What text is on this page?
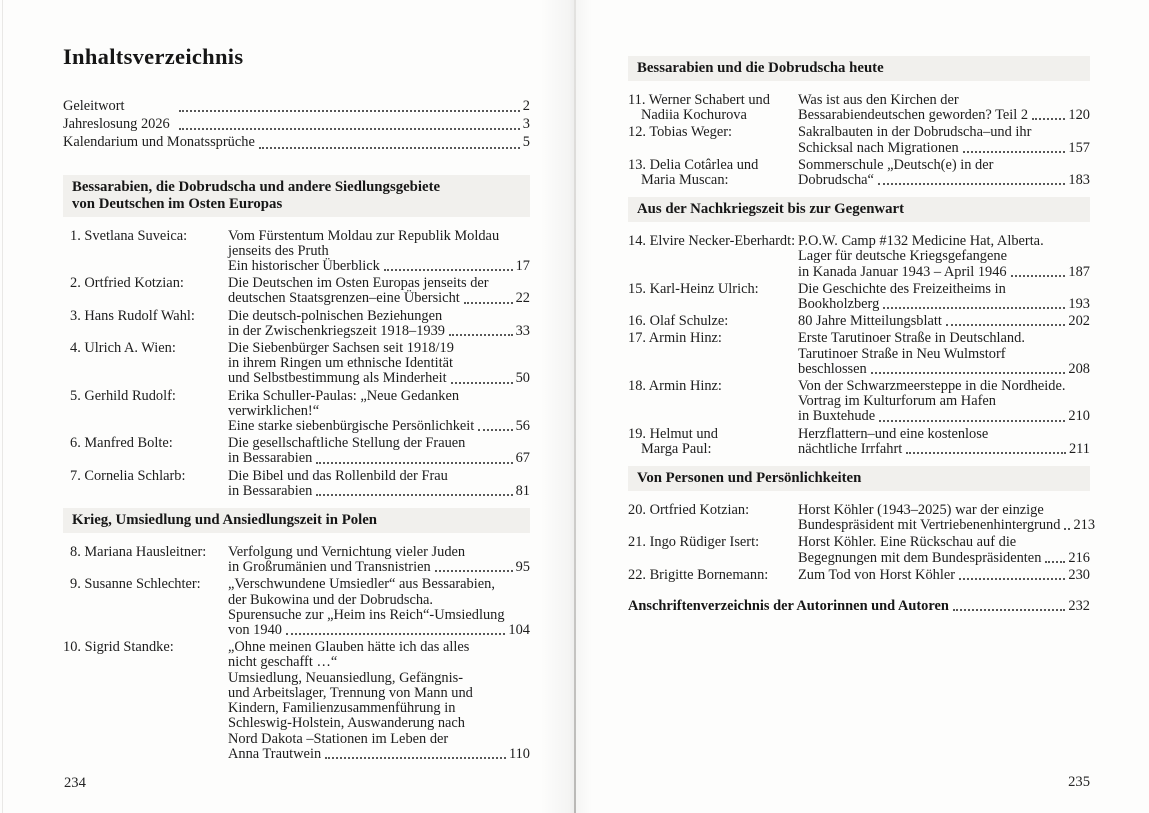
Inhaltsverzeichnis
Geleitwort	2
Jahreslosung 2026	3
Kalendarium und Monatssprüche	5
Bessarabien, die Dobrudscha und andere Siedlungsgebiete
von Deutschen im Osten Europas
1. Svetlana Suveica:	Vom Fürstentum Moldau zur Republik Moldau
jenseits des Pruth
Ein historischer Überblick	17
2. Ortfried Kotzian:	Die Deutschen im Osten Europas jenseits der
deutschen Staatsgrenzen–eine Übersicht	22
3. Hans Rudolf Wahl:	Die deutsch-polnischen Beziehungen
in der Zwischenkriegszeit 1918–1939	33
4. Ulrich A. Wien:	Die Siebenbürger Sachsen seit 1918/19
in ihrem Ringen um ethnische Identität
und Selbstbestimmung als Minderheit	50
5. Gerhild Rudolf:	Erika Schuller-Paulas: „Neue Gedanken
verwirklichen!“
Eine starke siebenbürgische Persönlichkeit	56
6. Manfred Bolte:	Die gesellschaftliche Stellung der Frauen
in Bessarabien	67
7. Cornelia Schlarb:	Die Bibel und das Rollenbild der Frau
in Bessarabien	81
Krieg, Umsiedlung und Ansiedlungszeit in Polen
8. Mariana Hausleitner:	Verfolgung und Vernichtung vieler Juden
in Großrumänien und Transnistrien	95
9. Susanne Schlechter:	„Verschwundene Umsiedler“ aus Bessarabien,
der Bukowina und der Dobrudscha.
Spurensuche zur „Heim ins Reich“-Umsiedlung
von 1940	104
10. Sigrid Standke:	„Ohne meinen Glauben hätte ich das alles
nicht geschafft …“
Umsiedlung, Neuansiedlung, Gefängnis-
und Arbeitslager, Trennung von Mann und
Kindern, Familienzusammenführung in
Schleswig-Holstein, Auswanderung nach
Nord Dakota –Stationen im Leben der
Anna Trautwein	110
Bessarabien und die Dobrudscha heute
11. Werner Schabert und
Nadiia Kochurova
Was ist aus den Kirchen der
Bessarabiendeutschen geworden? Teil 2	120
12. Tobias Weger:	Sakralbauten in der Dobrudscha–und ihr
Schicksal nach Migrationen	157
13. Delia Cotârlea und
Maria Muscan:
Sommerschule „Deutsch(e) in der
Dobrudscha“	183
Aus der Nachkriegszeit bis zur Gegenwart
14. Elvire Necker-Eberhardt: P.O.W. Camp #132 Medicine Hat, Alberta.
Lager für deutsche Kriegsgefangene
in Kanada Januar 1943 – April 1946	187
15. Karl-Heinz Ulrich:	Die Geschichte des Freizeitheims in
Bookholzberg	193
16. Olaf Schulze:	80 Jahre Mitteilungsblatt	202
17. Armin Hinz:	Erste Tarutinoer Straße in Deutschland.
Tarutinoer Straße in Neu Wulmstorf
beschlossen	208
18. Armin Hinz:	Von der Schwarzmeersteppe in die Nordheide.
Vortrag im Kulturforum am Hafen
in Buxtehude	210
19. Helmut und
Marga Paul:
Herzflattern–und eine kostenlose
nächtliche Irrfahrt	211
Von Personen und Persönlichkeiten
20. Ortfried Kotzian:	Horst Köhler (1943–2025) war der einzige
Bundespräsident mit Vertriebenenhintergrund 213
21. Ingo Rüdiger Isert:	Horst Köhler. Eine Rückschau auf die
Begegnungen mit dem Bundespräsidenten 216
22. Brigitte Bornemann:	Zum Tod von Horst Köhler	230
Anschriftenverzeichnis der Autorinnen und Autoren	232
234	235
